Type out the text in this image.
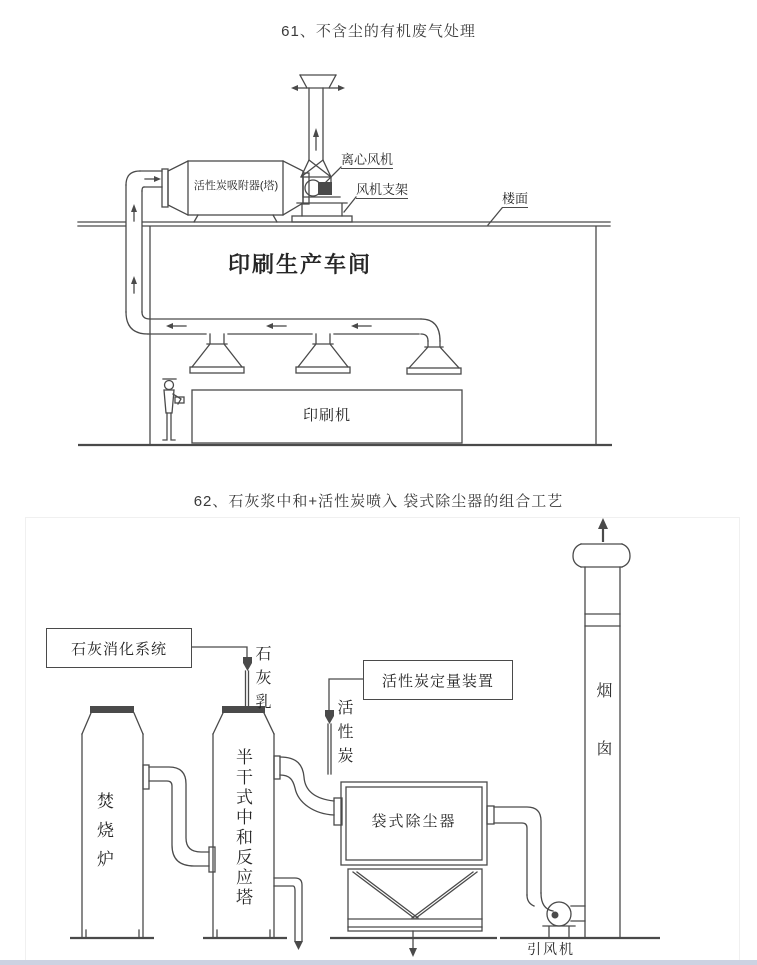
61、不含尘的有机废气处理
活性炭吸附器(塔)
离心风机
风机支架
楼面
印刷生产车间
印刷机
62、石灰浆中和+活性炭喷入 袋式除尘器的组合工艺
石灰消化系统
活性炭定量装置
石灰乳
活性炭
焚烧炉	半干式中和反应塔	袋式除尘器
烟囱
引风机
